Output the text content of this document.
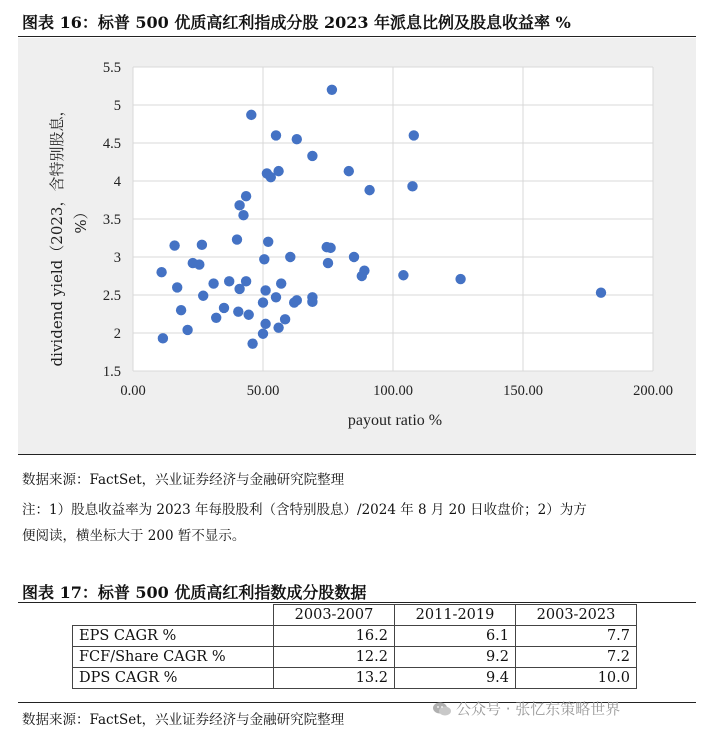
图表 16：标普 500 优质高红利指成分股 2023 年派息比例及股息收益率 %
1.5
2
2.5
3
3.5
4
4.5
5
5.5
0.00	50.00	100.00	150.00	200.00
payout ratio %
dividend yield（2023，含特别股息， %）
数据来源：FactSet，兴业证券经济与金融研究院整理
注：1）股息收益率为 2023 年每股股利（含特别股息）/2024 年 8 月 20 日收盘价；2）为方
便阅读，横坐标大于 200 暂不显示。
图表 17：标普 500 优质高红利指数成分股数据
	2003-2007	2011-2019	2003-2023
EPS CAGR %	16.2	6.1	7.7
FCF/Share CAGR %	12.2	9.2	7.2
DPS CAGR %	13.2	9.4	10.0
数据来源：FactSet，兴业证券经济与金融研究院整理
公众号 · 张忆东策略世界
